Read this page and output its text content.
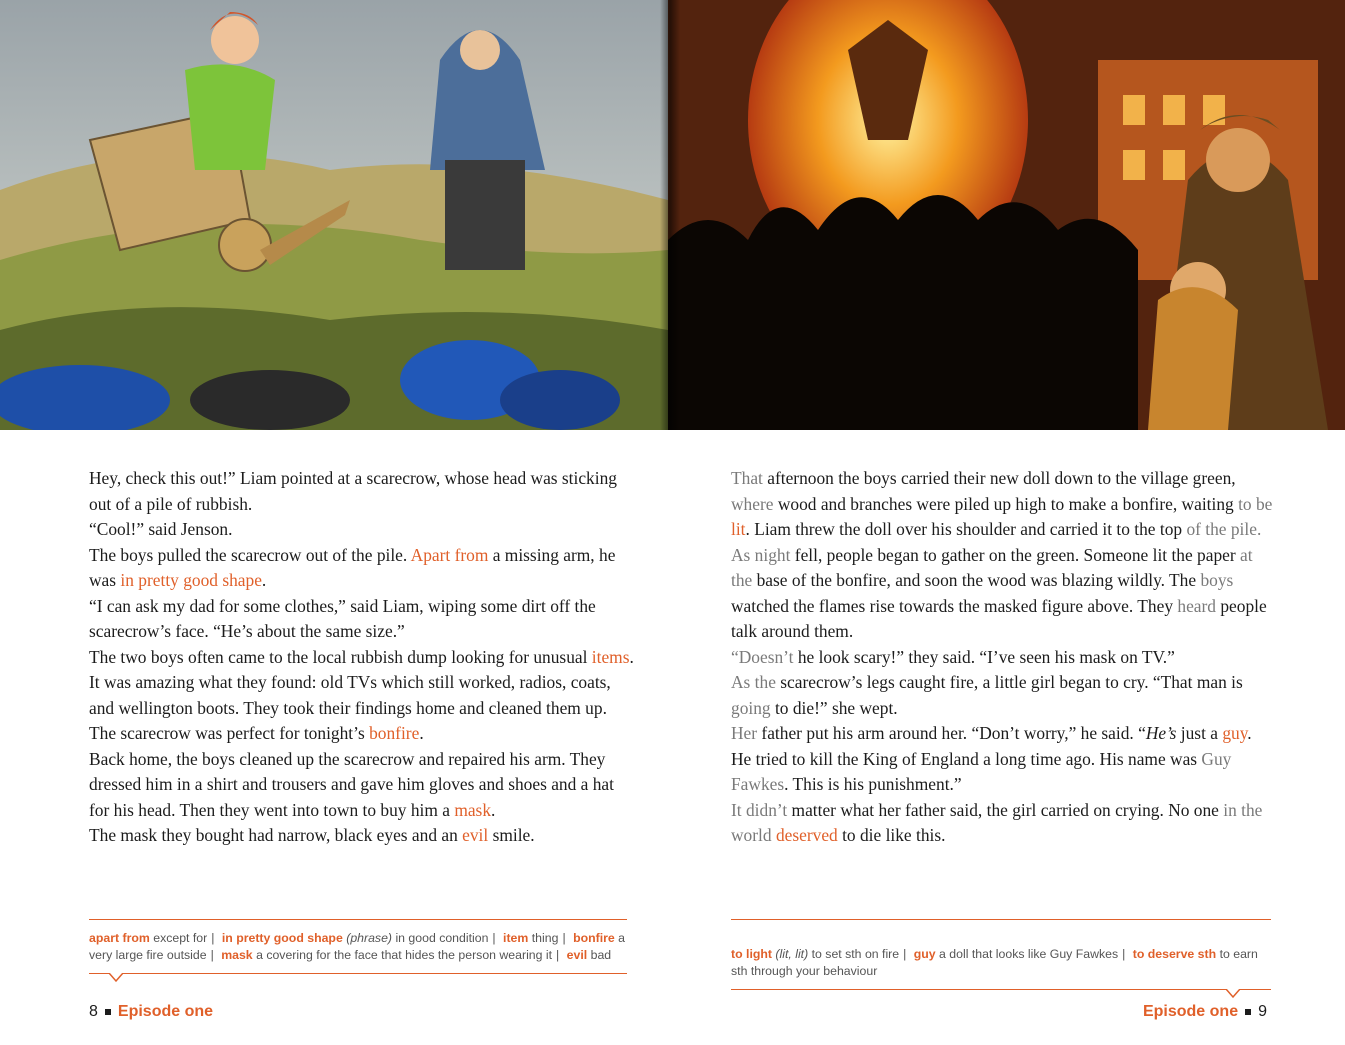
Hey, check this out!” Liam pointed at a scarecrow, whose head was sticking out of a pile of rubbish.

“Cool!” said Jenson.

The boys pulled the scarecrow out of the pile. Apart from a missing arm, he was in pretty good shape.

“I can ask my dad for some clothes,” said Liam, wiping some dirt off the scarecrow’s face. “He’s about the same size.”

The two boys often came to the local rubbish dump looking for unusual items. It was amazing what they found: old TVs which still worked, radios, coats, and wellington boots. They took their findings home and cleaned them up. The scarecrow was perfect for tonight’s bonfire.

Back home, the boys cleaned up the scarecrow and repaired his arm. They dressed him in a shirt and trousers and gave him gloves and shoes and a hat for his head. Then they went into town to buy him a mask.

The mask they bought had narrow, black eyes and an evil smile.

That afternoon the boys carried their new doll down to the village green, where wood and branches were piled up high to make a bonfire, waiting to be lit. Liam threw the doll over his shoulder and carried it to the top of the pile.

As night fell, people began to gather on the green. Someone lit the paper at the base of the bonfire, and soon the wood was blazing wildly. The boys watched the flames rise towards the masked figure above. They heard people talk around them.

“Doesn’t he look scary!” they said. “I’ve seen his mask on TV.”

As the scarecrow’s legs caught fire, a little girl began to cry. “That man is going to die!” she wept.

Her father put his arm around her. “Don’t worry,” he said. “He’s just a guy. He tried to kill the King of England a long time ago. His name was Guy Fawkes. This is his punishment.”

It didn’t matter what her father said, the girl carried on crying. No one in the world deserved to die like this.

apart from except for | in pretty good shape (phrase) in good condition | item thing | bonfire a very large fire outside | mask a covering for the face that hides the person wearing it | evil bad	to light (lit, lit) to set sth on fire | guy a doll that looks like Guy Fawkes | to deserve sth to earn sth through your behaviour
8 Episode one	Episode one 9
